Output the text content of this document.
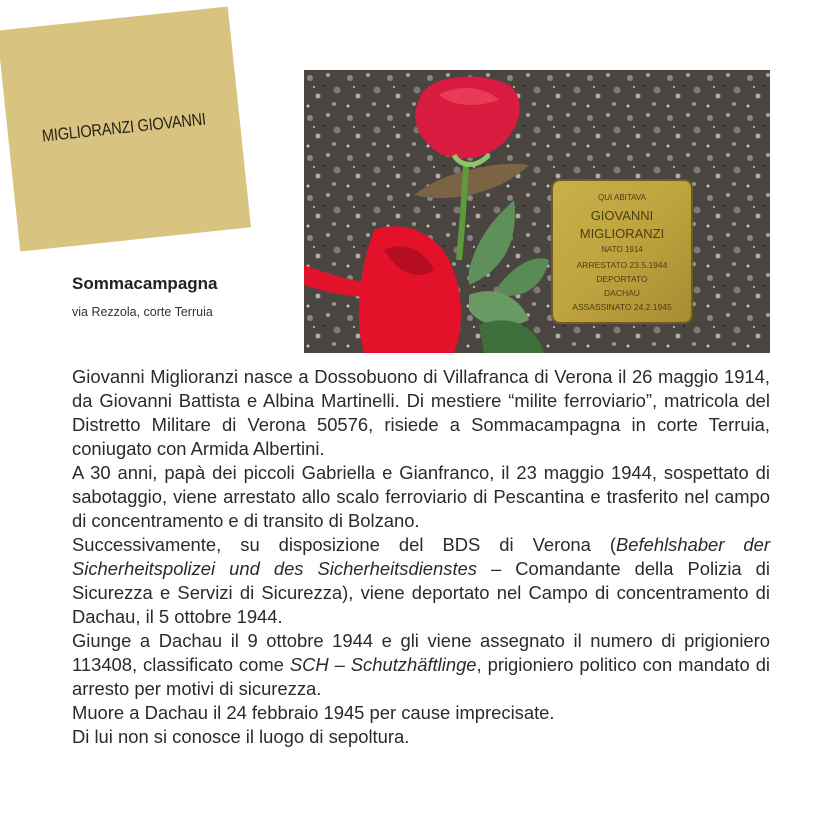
MIGLIORANZI GIOVANNI
Sommacampagna
via Rezzola, corte Terruia
QUI ABITAVA
GIOVANNI
MIGLIORANZI
NATO 1914
ARRESTATO 23.5.1944
DEPORTATO
DACHAU
ASSASSINATO 24.2.1945

Giovanni Miglioranzi nasce a Dossobuono di Villafranca di Verona il 26 maggio 1914, da Giovanni Battista e Albina Martinelli. Di mestiere “milite ferroviario”, matricola del Distretto Militare di Verona 50576, risiede a Sommacampagna in corte Terruia, coniugato con Armida Albertini.

A 30 anni, papà dei piccoli Gabriella e Gianfranco, il 23 maggio 1944, sospettato di sabotaggio, viene arrestato allo scalo ferroviario di Pescantina e trasferito nel campo di concentramento e di transito di Bolzano.

Successivamente, su disposizione del BDS di Verona (Befehlshaber der Sicherheitspolizei und des Sicherheitsdienstes – Comandante della Polizia di Sicurezza e Servizi di Sicurezza), viene deportato nel Campo di concentramento di Dachau, il 5 ottobre 1944.

Giunge a Dachau il 9 ottobre 1944 e gli viene assegnato il numero di prigioniero 113408, classificato come SCH – Schutzhäftlinge, prigioniero politico con mandato di arresto per motivi di sicurezza.

Muore a Dachau il 24 febbraio 1945 per cause imprecisate.

Di lui non si conosce il luogo di sepoltura.
